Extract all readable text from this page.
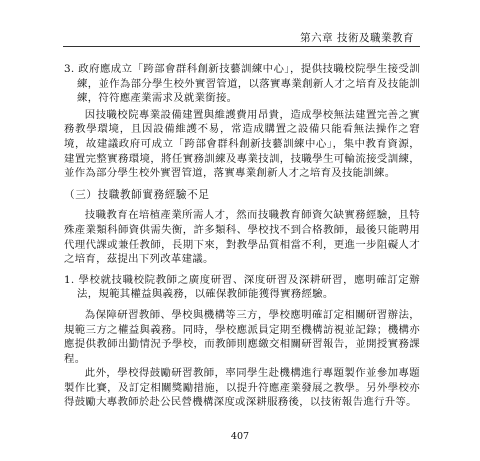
第六章 技術及職業教育

3. 政府應成立「跨部會群科創新技藝訓練中心」，提供技職校院學生接受訓練，並作為部分學生校外實習管道，以落實專業創新人才之培育及技能訓練，符符應產業需求及就業銜接。

因技職校院專業設備建置與維護費用昂貴，造成學校無法建置完善之實務教學環境，且因設備維護不易，常造成購置之設備只能看無法操作之窘境，故建議政府可成立「跨部會群科創新技藝訓練中心」，集中教育資源，建置完整實務環境，將任實務訓練及專業技訓，技職學生可輪流接受訓練，並作為部分學生校外實習管道，落實專業創新人才之培育及技能訓練。

（三）技職教師實務經驗不足

技職教育在培植產業所需人才，然而技職教育師資欠缺實務經驗，且特殊產業類科師資供需失衡，許多類科、學校找不到合格教師，最後只能聘用代理代課或兼任教師，長期下來，對教學品質相當不利，更進一步阻礙人才之培育，茲提出下列改革建議。

1. 學校就技職校院教師之廣度研習、深度研習及深耕研習，應明確訂定辦法，規範其權益與義務，以確保教師能獲得實務經驗。

為保障研習教師、學校與機構等三方，學校應明確訂定相關研習辦法，規範三方之權益與義務。同時，學校應派員定期至機構訪視並記錄；機構亦應提供教師出勤情況予學校，而教師則應繳交相關研習報告，並開授實務課程。

此外，學校得鼓勵研習教師，率同學生赴機構進行專題製作並參加專題製作比賽，及訂定相關獎勵措施，以提升符應產業發展之教學。另外學校亦得鼓勵大專教師於赴公民營機構深度或深耕服務後，以技術報告進行升等。

407
